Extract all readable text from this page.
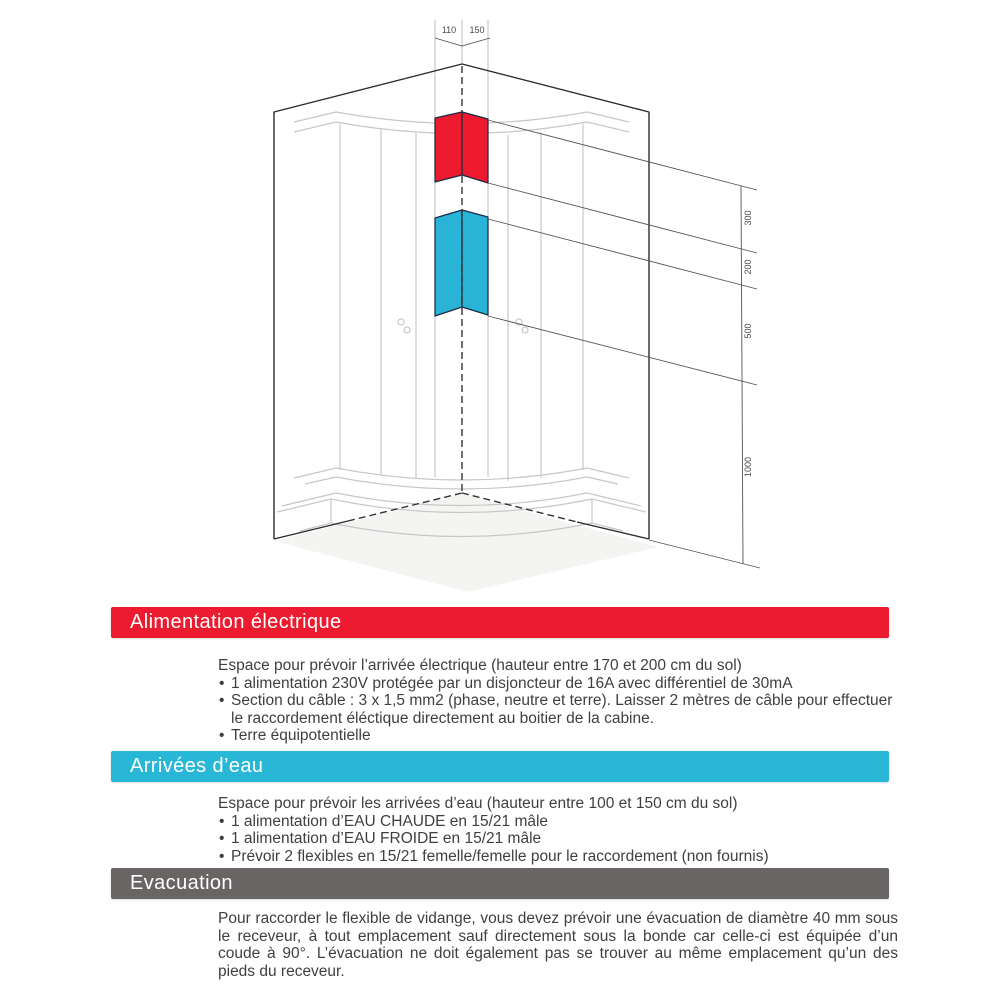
110 150
300
200
500
1000
Alimentation électrique
Espace pour prévoir l’arrivée électrique (hauteur entre 170 et 200 cm du sol)
• 1 alimentation 230V protégée par un disjoncteur de 16A avec différentiel de 30mA
• Section du câble : 3 x 1,5 mm2 (phase, neutre et terre). Laisser 2 mètres de câble pour effectuer le raccordement éléctique directement au boitier de la cabine.
• Terre équipotentielle
Arrivées d’eau
Espace pour prévoir les arrivées d’eau (hauteur entre 100 et 150 cm du sol)
• 1 alimentation d’EAU CHAUDE en 15/21 mâle
• 1 alimentation d’EAU FROIDE en 15/21 mâle
• Prévoir 2 flexibles en 15/21 femelle/femelle pour le raccordement (non fournis)
Evacuation
Pour raccorder le flexible de vidange, vous devez prévoir une évacuation de diamètre 40 mm sous le receveur, à tout emplacement sauf directement sous la bonde car celle-ci est équipée d’un coude à 90°. L’évacuation ne doit également pas se trouver au même emplacement qu’un des pieds du receveur.
